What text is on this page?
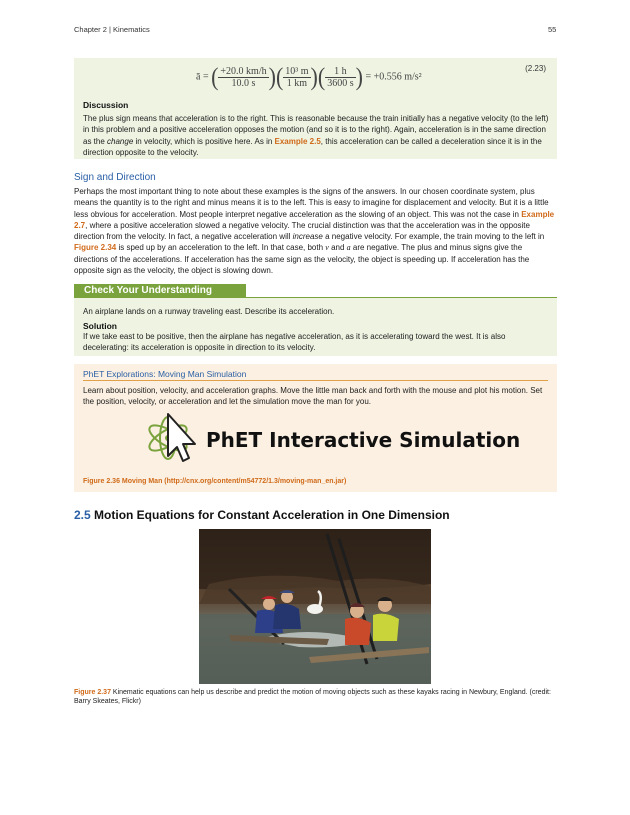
Chapter 2 | Kinematics	55
ā = ( $\frac{+20.0 km/h}{10.0 s}$ )( $\frac{\text{10³ m}}{1 km}$ )( $\frac{1 h}{3600 s}$ ) = +0.556 m/s²
(2.23)
Discussion
The plus sign means that acceleration is to the right. This is reasonable because the train initially has a negative velocity (to the left) in this problem and a positive acceleration opposes the motion (and so it is to the right). Again, acceleration is in the same direction as the change in velocity, which is positive here. As in Example 2.5, this acceleration can be called a deceleration since it is in the direction opposite to the velocity.
Sign and Direction
Perhaps the most important thing to note about these examples is the signs of the answers. In our chosen coordinate system, plus means the quantity is to the right and minus means it is to the left. This is easy to imagine for displacement and velocity. But it is a little less obvious for acceleration. Most people interpret negative acceleration as the slowing of an object. This was not the case in Example 2.7, where a positive acceleration slowed a negative velocity. The crucial distinction was that the acceleration was in the opposite direction from the velocity. In fact, a negative acceleration will increase a negative velocity. For example, the train moving to the left in Figure 2.34 is sped up by an acceleration to the left. In that case, both v and a are negative. The plus and minus signs give the directions of the accelerations. If acceleration has the same sign as the velocity, the object is speeding up. If acceleration has the opposite sign as the velocity, the object is slowing down.
Check Your Understanding
An airplane lands on a runway traveling east. Describe its acceleration.
Solution
If we take east to be positive, then the airplane has negative acceleration, as it is accelerating toward the west. It is also decelerating: its acceleration is opposite in direction to its velocity.
PhET Explorations: Moving Man Simulation
Learn about position, velocity, and acceleration graphs. Move the little man back and forth with the mouse and plot his motion. Set the position, velocity, or acceleration and let the simulation move the man for you.
PhET Interactive Simulation
Figure 2.36 Moving Man (http://cnx.org/content/m54772/1.3/moving-man_en.jar)
2.5 Motion Equations for Constant Acceleration in One Dimension
Figure 2.37 Kinematic equations can help us describe and predict the motion of moving objects such as these kayaks racing in Newbury, England. (credit: Barry Skeates, Flickr)
